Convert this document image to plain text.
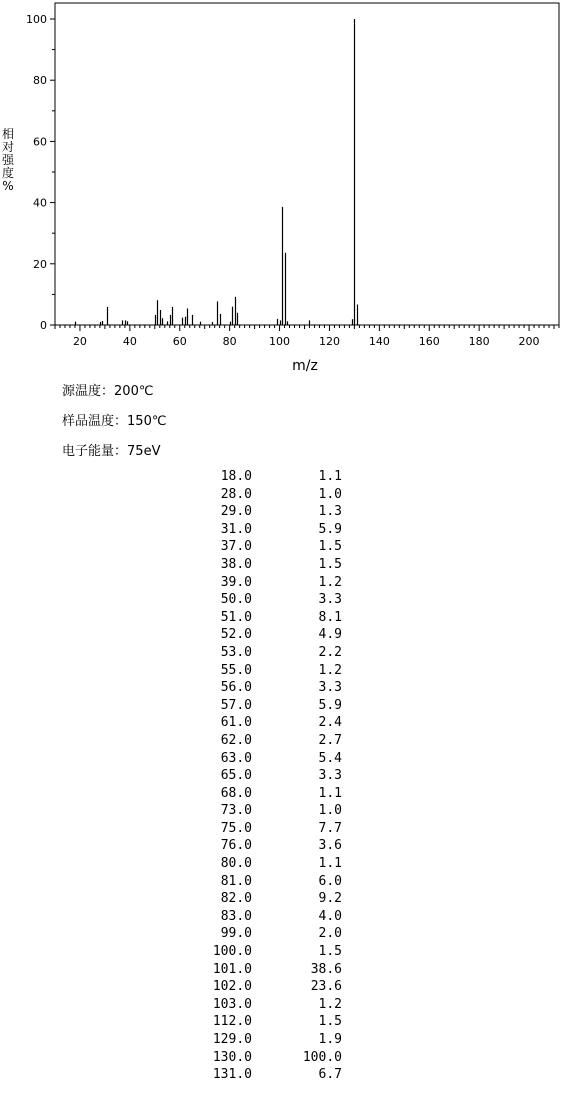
0
20
40
60
80
100
20	40	60	80	100	120	140	160	180	200
m/z
相
对
强
度
%
源温度：200℃
样品温度：150℃
电子能量：75eV
18.0	1.1
28.0	1.0
29.0	1.3
31.0	5.9
37.0	1.5
38.0	1.5
39.0	1.2
50.0	3.3
51.0	8.1
52.0	4.9
53.0	2.2
55.0	1.2
56.0	3.3
57.0	5.9
61.0	2.4
62.0	2.7
63.0	5.4
65.0	3.3
68.0	1.1
73.0	1.0
75.0	7.7
76.0	3.6
80.0	1.1
81.0	6.0
82.0	9.2
83.0	4.0
99.0	2.0
100.0	1.5
101.0	38.6
102.0	23.6
103.0	1.2
112.0	1.5
129.0	1.9
130.0	100.0
131.0	6.7
